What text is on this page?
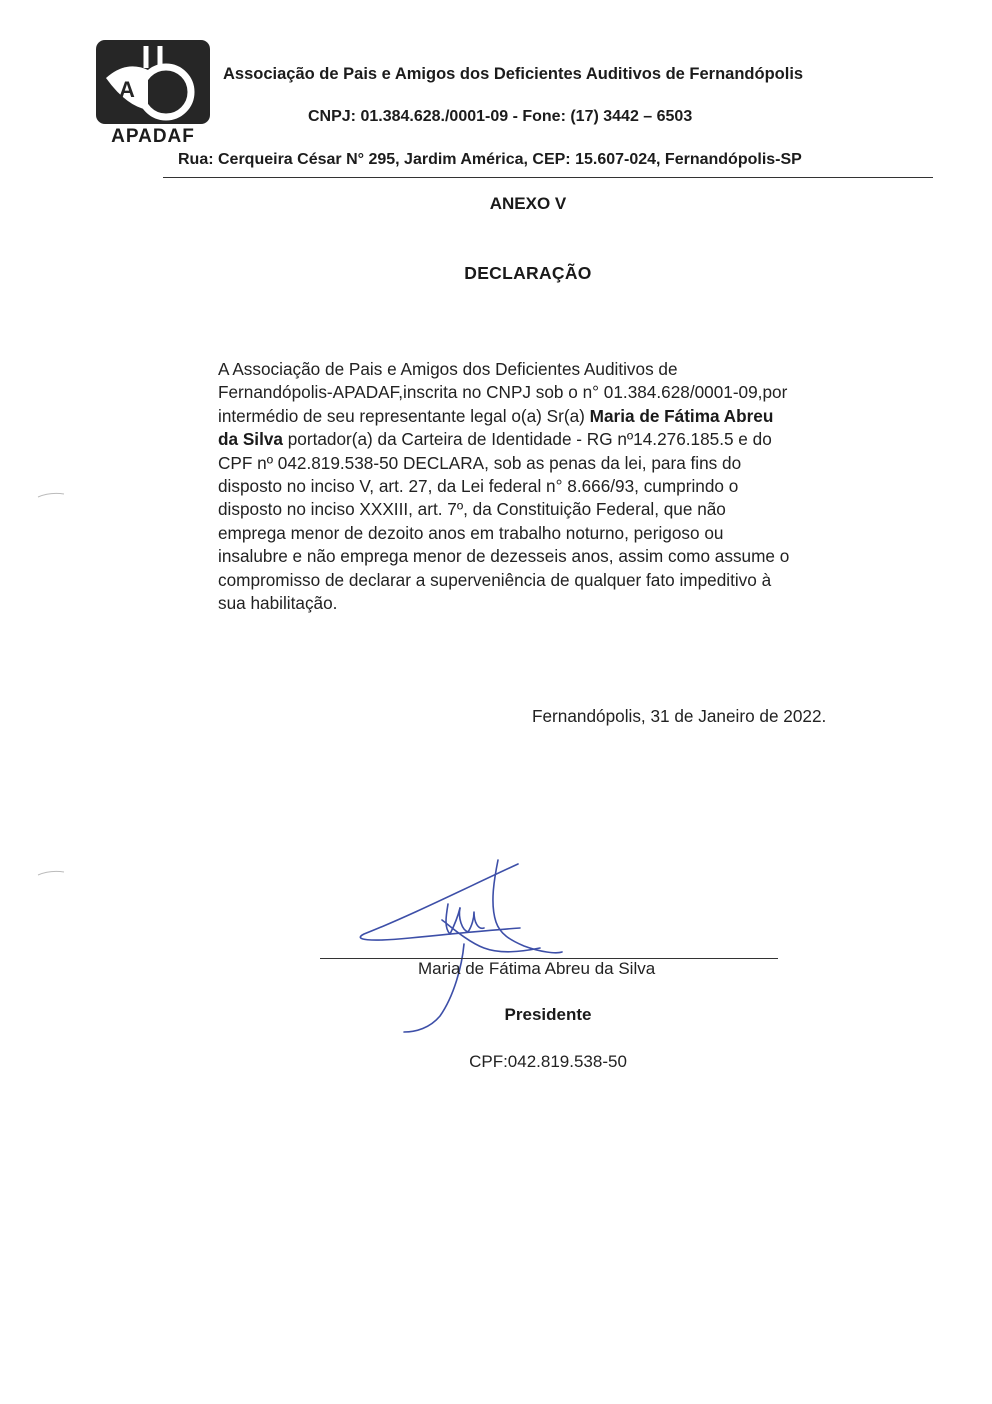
A
APADAF
Associação de Pais e Amigos dos Deficientes Auditivos de Fernandópolis
CNPJ: 01.384.628./0001-09 - Fone: (17) 3442 – 6503
Rua: Cerqueira César N° 295, Jardim América, CEP: 15.607-024, Fernandópolis-SP
ANEXO V
DECLARAÇÃO
A Associação de Pais e Amigos dos Deficientes Auditivos de
Fernandópolis-APADAF,inscrita no CNPJ sob o n° 01.384.628/0001-09,por
intermédio de seu representante legal o(a) Sr(a) Maria de Fátima Abreu
da Silva portador(a) da Carteira de Identidade - RG nº14.276.185.5 e do
CPF nº 042.819.538-50 DECLARA, sob as penas da lei, para fins do
disposto no inciso V, art. 27, da Lei federal n° 8.666/93, cumprindo o
disposto no inciso XXXIII, art. 7º, da Constituição Federal, que não
emprega menor de dezoito anos em trabalho noturno, perigoso ou
insalubre e não emprega menor de dezesseis anos, assim como assume o
compromisso de declarar a superveniência de qualquer fato impeditivo à
sua habilitação.
Fernandópolis, 31 de Janeiro de 2022.
Maria de Fátima Abreu da Silva
Presidente
CPF:042.819.538-50
